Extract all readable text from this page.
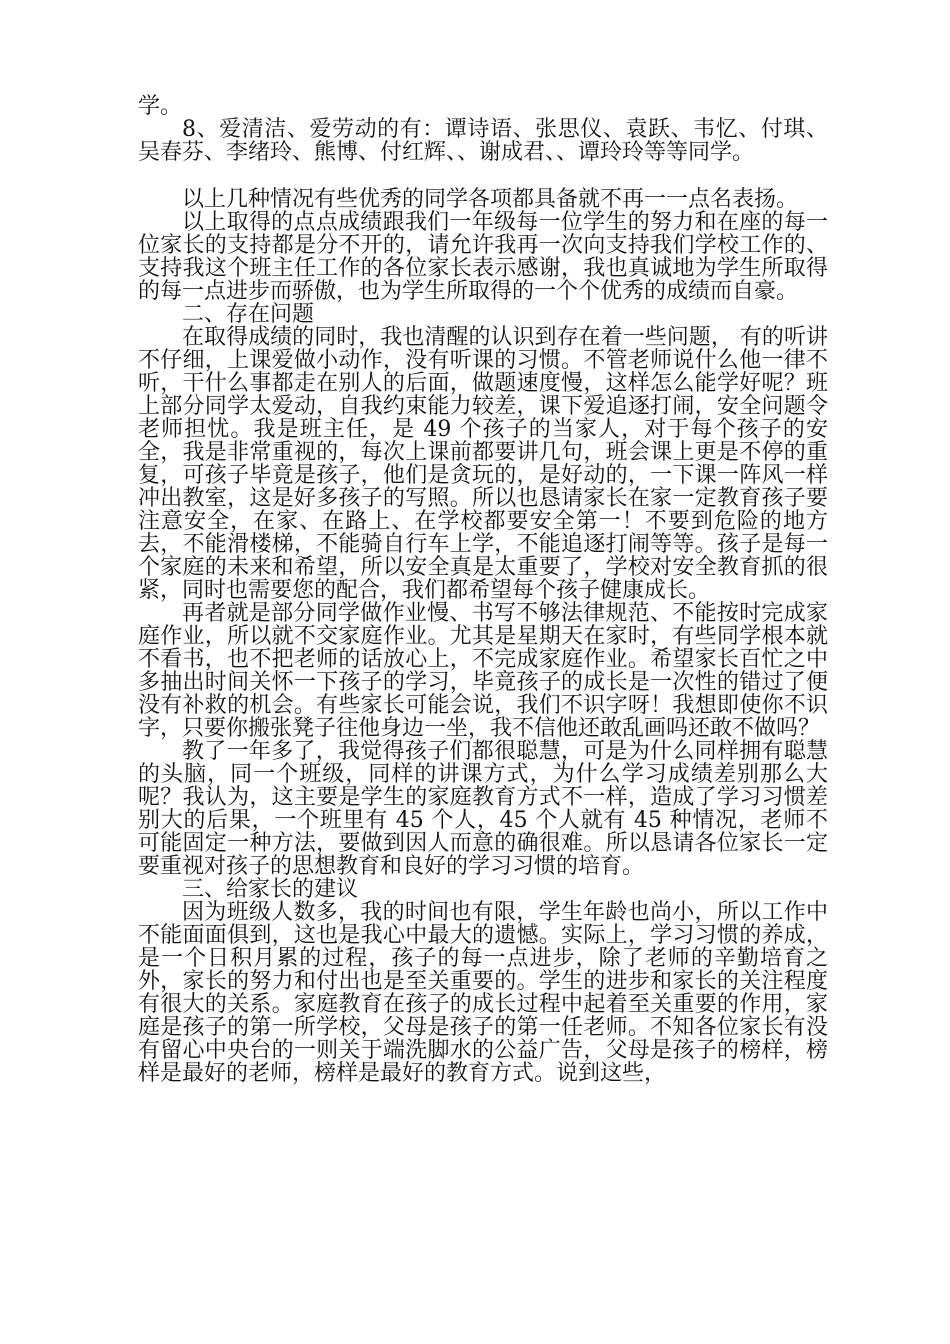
学。

8、爱清洁、爱劳动的有：谭诗语、张思仪、袁跃、韦忆、付琪、吴春芬、李绪玲、熊博、付红辉、、谢成君、、谭玲玲等等同学。

以上几种情况有些优秀的同学各项都具备就不再一一点名表扬。

以上取得的点点成绩跟我们一年级每一位学生的努力和在座的每一位家长的支持都是分不开的，请允许我再一次向支持我们学校工作的、支持我这个班主任工作的各位家长表示感谢，我也真诚地为学生所取得的每一点进步而骄傲，也为学生所取得的一个个优秀的成绩而自豪。

二、存在问题

在取得成绩的同时，我也清醒的认识到存在着一些问题， 有的听讲不仔细，上课爱做小动作，没有听课的习惯。不管老师说什么他一律不听，干什么事都走在别人的后面，做题速度慢，这样怎么能学好呢？班上部分同学太爱动，自我约束能力较差，课下爱追逐打闹，安全问题令老师担忧。我是班主任，是 49 个孩子的当家人，对于每个孩子的安全，我是非常重视的，每次上课前都要讲几句，班会课上更是不停的重复，可孩子毕竟是孩子，他们是贪玩的，是好动的，一下课一阵风一样冲出教室，这是好多孩子的写照。所以也恳请家长在家一定教育孩子要注意安全，在家、在路上、在学校都要安全第一！不要到危险的地方去，不能滑楼梯，不能骑自行车上学，不能追逐打闹等等。孩子是每一个家庭的未来和希望，所以安全真是太重要了，学校对安全教育抓的很紧，同时也需要您的配合，我们都希望每个孩子健康成长。

再者就是部分同学做作业慢、书写不够法律规范、不能按时完成家庭作业，所以就不交家庭作业。尤其是星期天在家时，有些同学根本就不看书，也不把老师的话放心上，不完成家庭作业。希望家长百忙之中多抽出时间关怀一下孩子的学习，毕竟孩子的成长是一次性的错过了便没有补救的机会。有些家长可能会说，我们不识字呀！我想即使你不识字，只要你搬张凳子往他身边一坐，我不信他还敢乱画吗还敢不做吗？

教了一年多了，我觉得孩子们都很聪慧，可是为什么同样拥有聪慧的头脑，同一个班级，同样的讲课方式，为什么学习成绩差别那么大呢？我认为，这主要是学生的家庭教育方式不一样，造成了学习习惯差别大的后果，一个班里有 45 个人，45 个人就有 45 种情况，老师不可能固定一种方法，要做到因人而意的确很难。所以恳请各位家长一定要重视对孩子的思想教育和良好的学习习惯的培育。

三、给家长的建议

因为班级人数多，我的时间也有限，学生年龄也尚小，所以工作中不能面面俱到，这也是我心中最大的遗憾。实际上，学习习惯的养成，是一个日积月累的过程，孩子的每一点进步，除了老师的辛勤培育之外，家长的努力和付出也是至关重要的。学生的进步和家长的关注程度有很大的关系。家庭教育在孩子的成长过程中起着至关重要的作用，家庭是孩子的第一所学校，父母是孩子的第一任老师。不知各位家长有没有留心中央台的一则关于端洗脚水的公益广告，父母是孩子的榜样，榜样是最好的老师，榜样是最好的教育方式。说到这些，
